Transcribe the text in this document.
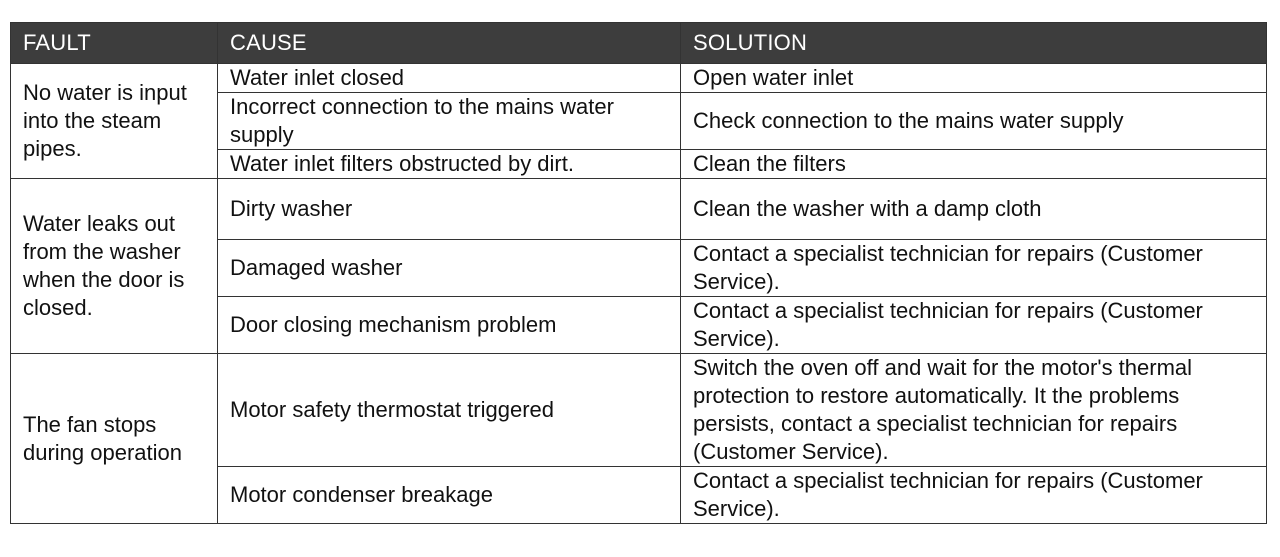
FAULT	CAUSE	SOLUTION

No water is input into the steam pipes.	Water inlet closed	Open water inlet
	Incorrect connection to the mains water supply	Check connection to the mains water supply
	Water inlet filters obstructed by dirt.	Clean the filters

Water leaks out from the washer when the door is closed.	Dirty washer	Clean the washer with a damp cloth
	Damaged washer	Contact a specialist technician for repairs (Customer Service).
	Door closing mechanism problem	Contact a specialist technician for repairs (Customer Service).

The fan stops during operation	Motor safety thermostat triggered	Switch the oven off and wait for the motor's thermal protection to restore automatically. It the problems persists, contact a specialist technician for repairs (Customer Service).
	Motor condenser breakage	Contact a specialist technician for repairs (Customer Service).
